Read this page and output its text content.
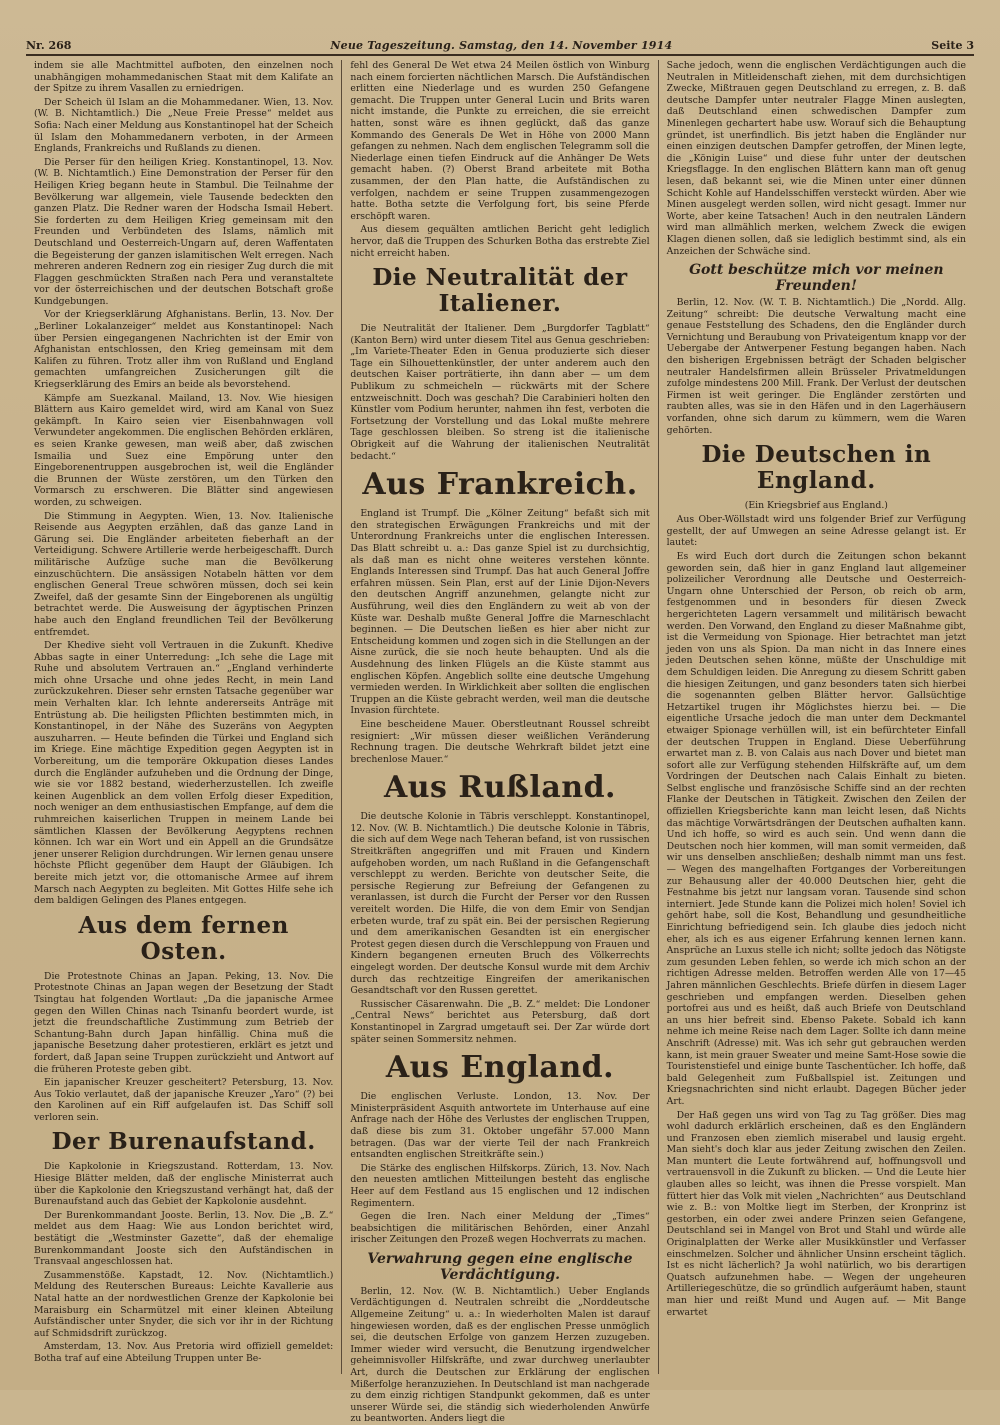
Nr. 268	Neue Tageszeitung. Samstag, den 14. November 1914	Seite 3

indem sie alle Machtmittel aufboten, den einzelnen noch unabhängigen mohammedanischen Staat mit dem Kalifate an der Spitze zu ihrem Vasallen zu erniedrigen.

Der Scheich ül Islam an die Mohammedaner. Wien, 13. Nov. (W. B. Nichtamtlich.) Die „Neue Freie Presse“ meldet aus Sofia: Nach einer Meldung aus Konstantinopel hat der Scheich ül Islam den Mohammedanern verboten, in der Armeen Englands, Frankreichs und Rußlands zu dienen.

Die Perser für den heiligen Krieg. Konstantinopel, 13. Nov. (W. B. Nichtamtlich.) Eine Demonstration der Perser für den Heiligen Krieg begann heute in Stambul. Die Teilnahme der Bevölkerung war allgemein, viele Tausende bedeckten den ganzen Platz. Die Redner waren der Hodscha Ismail Hebert. Sie forderten zu dem Heiligen Krieg gemeinsam mit den Freunden und Verbündeten des Islams, nämlich mit Deutschland und Oesterreich-Ungarn auf, deren Waffentaten die Begeisterung der ganzen islamitischen Welt erregen. Nach mehreren anderen Rednern zog ein riesiger Zug durch die mit Flaggen geschmückten Straßen nach Pera und veranstaltete vor der österreichischen und der deutschen Botschaft große Kundgebungen.

Vor der Kriegserklärung Afghanistans. Berlin, 13. Nov. Der „Berliner Lokalanzeiger“ meldet aus Konstantinopel: Nach über Persien eingegangenen Nachrichten ist der Emir von Afghanistan entschlossen, den Krieg gemeinsam mit dem Kalifen zu führen. Trotz aller ihm von Rußland und England gemachten umfangreichen Zusicherungen gilt die Kriegserklärung des Emirs an beide als bevorstehend.

Kämpfe am Suezkanal. Mailand, 13. Nov. Wie hiesigen Blättern aus Kairo gemeldet wird, wird am Kanal von Suez gekämpft. In Kairo seien vier Eisenbahnwagen voll Verwundeter angekommen. Die englischen Behörden erklären, es seien Kranke gewesen, man weiß aber, daß zwischen Ismailia und Suez eine Empörung unter den Eingeborenentruppen ausgebrochen ist, weil die Engländer die Brunnen der Wüste zerstören, um den Türken den Vormarsch zu erschweren. Die Blätter sind angewiesen worden, zu schweigen.

Die Stimmung in Aegypten. Wien, 13. Nov. Italienische Reisende aus Aegypten erzählen, daß das ganze Land in Gärung sei. Die Engländer arbeiteten fieberhaft an der Verteidigung. Schwere Artillerie werde herbeigeschafft. Durch militärische Aufzüge suche man die Bevölkerung einzuschüchtern. Die ansässigen Notabeln hätten vor dem englischen General Treue schwören müssen, doch sei kein Zweifel, daß der gesamte Sinn der Eingeborenen als ungültig betrachtet werde. Die Ausweisung der ägyptischen Prinzen habe auch den England freundlichen Teil der Bevölkerung entfremdet.

Der Khedive sieht voll Vertrauen in die Zukunft. Khedive Abbas sagte in einer Unterredung: „Ich sehe die Lage mit Ruhe und absolutem Vertrauen an.“ „England verhinderte mich ohne Ursache und ohne jedes Recht, in mein Land zurückzukehren. Dieser sehr ernsten Tatsache gegenüber war mein Verhalten klar. Ich lehnte andererseits Anträge mit Entrüstung ab. Die heiligsten Pflichten bestimmten mich, in Konstantinopel, in der Nähe des Suzeräns von Aegypten auszuharren. — Heute befinden die Türkei und England sich im Kriege. Eine mächtige Expedition gegen Aegypten ist in Vorbereitung, um die temporäre Okkupation dieses Landes durch die Engländer aufzuheben und die Ordnung der Dinge, wie sie vor 1882 bestand, wiederherzustellen. Ich zweifle keinen Augenblick an dem vollen Erfolg dieser Expedition, noch weniger an dem enthusiastischen Empfange, auf dem die ruhmreichen kaiserlichen Truppen in meinem Lande bei sämtlichen Klassen der Bevölkerung Aegyptens rechnen können. Ich war ein Wort und ein Appell an die Grundsätze jener unserer Religion durchdrungen. Wir lernen genau unsere höchste Pflicht gegenüber dem Haupt der Gläubigen. Ich bereite mich jetzt vor, die ottomanische Armee auf ihrem Marsch nach Aegypten zu begleiten. Mit Gottes Hilfe sehe ich dem baldigen Gelingen des Planes entgegen.

Aus dem fernen Osten.

Die Protestnote Chinas an Japan. Peking, 13. Nov. Die Protestnote Chinas an Japan wegen der Besetzung der Stadt Tsingtau hat folgenden Wortlaut: „Da die japanische Armee gegen den Willen Chinas nach Tsinanfu beordert wurde, ist jetzt die freundschaftliche Zustimmung zum Betrieb der Schantung-Bahn durch Japan hinfällig. China muß die japanische Besetzung daher protestieren, erklärt es jetzt und fordert, daß Japan seine Truppen zurückzieht und Antwort auf die früheren Proteste geben gibt.

Ein japanischer Kreuzer gescheitert? Petersburg, 13. Nov. Aus Tokio verlautet, daß der japanische Kreuzer „Yaro“ (?) bei den Karolinen auf ein Riff aufgelaufen ist. Das Schiff soll verloren sein.

Der Burenaufstand.

Die Kapkolonie in Kriegszustand. Rotterdam, 13. Nov. Hiesige Blätter melden, daß der englische Ministerrat auch über die Kapkolonie den Kriegszustand verhängt hat, daß der Burenaufstand auch das Gebiet der Kapkolonie ausdehnt.

Der Burenkommandant Jooste. Berlin, 13. Nov. Die „B. Z.“ meldet aus dem Haag: Wie aus London berichtet wird, bestätigt die „Westminster Gazette“, daß der ehemalige Burenkommandant Jooste sich den Aufständischen in Transvaal angeschlossen hat.

Zusammenstöße. Kapstadt, 12. Nov. (Nichtamtlich.) Meldung des Reuterschen Bureaus: Leichte Kavallerie aus Natal hatte an der nordwestlichen Grenze der Kapkolonie bei Maraisburg ein Scharmützel mit einer kleinen Abteilung Aufständischer unter Snyder, die sich vor ihr in der Richtung auf Schmidsdrift zurückzog.

Amsterdam, 13. Nov. Aus Pretoria wird offiziell gemeldet: Botha traf auf eine Abteilung Truppen unter Be-

fehl des General De Wet etwa 24 Meilen östlich von Winburg nach einem forcierten nächtlichen Marsch. Die Aufständischen erlitten eine Niederlage und es wurden 250 Gefangene gemacht. Die Truppen unter General Lucin und Brits waren nicht imstande, die Punkte zu erreichen, die sie erreicht hatten, sonst wäre es ihnen geglückt, daß das ganze Kommando des Generals De Wet in Höhe von 2000 Mann gefangen zu nehmen. Nach dem englischen Telegramm soll die Niederlage einen tiefen Eindruck auf die Anhänger De Wets gemacht haben. (?) Oberst Brand arbeitete mit Botha zusammen, der den Plan hatte, die Aufständischen zu verfolgen, nachdem er seine Truppen zusammengezogen hatte. Botha setzte die Verfolgung fort, bis seine Pferde erschöpft waren.

Aus diesem gequälten amtlichen Bericht geht lediglich hervor, daß die Truppen des Schurken Botha das erstrebte Ziel nicht erreicht haben.

Die Neutralität der Italiener.

Die Neutralität der Italiener. Dem „Burgdorfer Tagblatt“ (Kanton Bern) wird unter diesem Titel aus Genua geschrieben: „Im Variete-Theater Eden in Genua produzierte sich dieser Tage ein Silhouettenkünstler, der unter anderem auch den deutschen Kaiser porträtierte, ihn dann aber — um dem Publikum zu schmeicheln — rückwärts mit der Schere entzweischnitt. Doch was geschah? Die Carabinieri holten den Künstler vom Podium herunter, nahmen ihn fest, verboten die Fortsetzung der Vorstellung und das Lokal mußte mehrere Tage geschlossen bleiben. So streng ist die italienische Obrigkeit auf die Wahrung der italienischen Neutralität bedacht.“

Aus Frankreich.

England ist Trumpf. Die „Kölner Zeitung“ befaßt sich mit den strategischen Erwägungen Frankreichs und mit der Unterordnung Frankreichs unter die englischen Interessen. Das Blatt schreibt u. a.: Das ganze Spiel ist zu durchsichtig, als daß man es nicht ohne weiteres verstehen könnte. Englands Interessen sind Trumpf. Das hat auch General Joffre erfahren müssen. Sein Plan, erst auf der Linie Dijon-Nevers den deutschen Angriff anzunehmen, gelangte nicht zur Ausführung, weil dies den Engländern zu weit ab von der Küste war. Deshalb mußte General Joffre die Marneschlacht beginnen. — Die Deutschen ließen es hier aber nicht zur Entscheidung kommen und zogen sich in die Stellungen an der Aisne zurück, die sie noch heute behaupten. Und als die Ausdehnung des linken Flügels an die Küste stammt aus englischen Köpfen. Angeblich sollte eine deutsche Umgehung vermieden werden. In Wirklichkeit aber sollten die englischen Truppen an die Küste gebracht werden, weil man die deutsche Invasion fürchtete.

Eine bescheidene Mauer. Oberstleutnant Roussel schreibt resigniert: „Wir müssen dieser weißlichen Veränderung Rechnung tragen. Die deutsche Wehrkraft bildet jetzt eine brechenlose Mauer.“

Aus Rußland.

Die deutsche Kolonie in Täbris verschleppt. Konstantinopel, 12. Nov. (W. B. Nichtamtlich.) Die deutsche Kolonie in Täbris, die sich auf dem Wege nach Teheran befand, ist von russischen Streitkräften angegriffen und mit Frauen und Kindern aufgehoben worden, um nach Rußland in die Gefangenschaft verschleppt zu werden. Berichte von deutscher Seite, die persische Regierung zur Befreiung der Gefangenen zu veranlassen, ist durch die Furcht der Perser vor den Russen vereitelt worden. Die Hilfe, die von dem Emir von Sendjan erbeten wurde, traf zu spät ein. Bei der persischen Regierung und dem amerikanischen Gesandten ist ein energischer Protest gegen diesen durch die Verschleppung von Frauen und Kindern begangenen erneuten Bruch des Völkerrechts eingelegt worden. Der deutsche Konsul wurde mit dem Archiv durch das rechtzeitige Eingreifen der amerikanischen Gesandtschaft vor den Russen gerettet.

Russischer Cäsarenwahn. Die „B. Z.“ meldet: Die Londoner „Central News“ berichtet aus Petersburg, daß dort Konstantinopel in Zargrad umgetauft sei. Der Zar würde dort später seinen Sommersitz nehmen.

Aus England.

Die englischen Verluste. London, 13. Nov. Der Ministerpräsident Asquith antwortete im Unterhause auf eine Anfrage nach der Höhe des Verlustes der englischen Truppen, daß diese bis zum 31. Oktober ungefähr 57.000 Mann betragen. (Das war der vierte Teil der nach Frankreich entsandten englischen Streitkräfte sein.)

Die Stärke des englischen Hilfskorps. Zürich, 13. Nov. Nach den neuesten amtlichen Mitteilungen besteht das englische Heer auf dem Festland aus 15 englischen und 12 indischen Regimentern.

Gegen die Iren. Nach einer Meldung der „Times“ beabsichtigen die militärischen Behörden, einer Anzahl irischer Zeitungen den Prozeß wegen Hochverrats zu machen.

Verwahrung gegen eine englische Verdächtigung.

Berlin, 12. Nov. (W. B. Nichtamtlich.) Ueber Englands Verdächtigungen d. Neutralen schreibt die „Norddeutsche Allgemeine Zeitung“ u. a.: In wiederholten Malen ist darauf hingewiesen worden, daß es der englischen Presse unmöglich sei, die deutschen Erfolge von ganzem Herzen zuzugeben. Immer wieder wird versucht, die Benutzung irgendwelcher geheimnisvoller Hilfskräfte, und zwar durchweg unerlaubter Art, durch die Deutschen zur Erklärung der englischen Mißerfolge heranzuziehen. In Deutschland ist man nachgerade zu dem einzig richtigen Standpunkt gekommen, daß es unter unserer Würde sei, die ständig sich wiederholenden Anwürfe zu beantworten. Anders liegt die

Sache jedoch, wenn die englischen Verdächtigungen auch die Neutralen in Mitleidenschaft ziehen, mit dem durchsichtigen Zwecke, Mißtrauen gegen Deutschland zu erregen, z. B. daß deutsche Dampfer unter neutraler Flagge Minen auslegten, daß Deutschland einen schwedischen Dampfer zum Minenlegen gechartert habe usw. Worauf sich die Behauptung gründet, ist unerfindlich. Bis jetzt haben die Engländer nur einen einzigen deutschen Dampfer getroffen, der Minen legte, die „Königin Luise“ und diese fuhr unter der deutschen Kriegsflagge. In den englischen Blättern kann man oft genug lesen, daß bekannt sei, wie die Minen unter einer dünnen Schicht Kohle auf Handelsschiffen versteckt würden. Aber wie Minen ausgelegt werden sollen, wird nicht gesagt. Immer nur Worte, aber keine Tatsachen! Auch in den neutralen Ländern wird man allmählich merken, welchem Zweck die ewigen Klagen dienen sollen, daß sie lediglich bestimmt sind, als ein Anzeichen der Schwäche sind.

Gott beschütze mich vor meinen Freunden!

Berlin, 12. Nov. (W. T. B. Nichtamtlich.) Die „Nordd. Allg. Zeitung“ schreibt: Die deutsche Verwaltung macht eine genaue Feststellung des Schadens, den die Engländer durch Vernichtung und Beraubung von Privateigentum knapp vor der Uebergabe der Antwerpener Festung begangen haben. Nach den bisherigen Ergebnissen beträgt der Schaden belgischer neutraler Handelsfirmen allein Brüsseler Privatmeldungen zufolge mindestens 200 Mill. Frank. Der Verlust der deutschen Firmen ist weit geringer. Die Engländer zerstörten und raubten alles, was sie in den Häfen und in den Lagerhäusern vorfanden, ohne sich darum zu kümmern, wem die Waren gehörten.

Die Deutschen in England.
(Ein Kriegsbrief aus England.)

Aus Ober-Wöllstadt wird uns folgender Brief zur Verfügung gestellt, der auf Umwegen an seine Adresse gelangt ist. Er lautet:

Es wird Euch dort durch die Zeitungen schon bekannt geworden sein, daß hier in ganz England laut allgemeiner polizeilicher Verordnung alle Deutsche und Oesterreich-Ungarn ohne Unterschied der Person, ob reich ob arm, festgenommen und in besonders für diesen Zweck hergerichteten Lagern versammelt und militärisch bewacht werden. Den Vorwand, den England zu dieser Maßnahme gibt, ist die Vermeidung von Spionage. Hier betrachtet man jetzt jeden von uns als Spion. Da man nicht in das Innere eines jeden Deutschen sehen könne, müßte der Unschuldige mit dem Schuldigen leiden. Die Anregung zu diesem Schritt gaben die hiesigen Zeitungen, und ganz besonders taten sich hierbei die sogenannten gelben Blätter hervor. Gallsüchtige Hetzartikel trugen ihr Möglichstes hierzu bei. — Die eigentliche Ursache jedoch die man unter dem Deckmantel etwaiger Spionage verhüllen will, ist ein befürchteter Einfall der deutschen Truppen in England. Diese Ueberführung erwartet man z. B. von Calais aus nach Dover und bietet man sofort alle zur Verfügung stehenden Hilfskräfte auf, um dem Vordringen der Deutschen nach Calais Einhalt zu bieten. Selbst englische und französische Schiffe sind an der rechten Flanke der Deutschen in Tätigkeit. Zwischen den Zeilen der offiziellen Kriegsberichte kann man leicht lesen, daß Nichts das mächtige Vorwärtsdrängen der Deutschen aufhalten kann. Und ich hoffe, so wird es auch sein. Und wenn dann die Deutschen noch hier kommen, will man somit vermeiden, daß wir uns denselben anschließen; deshalb nimmt man uns fest. — Wegen des mangelhaften Fortganges der Vorbereitungen zur Behausung aller der 40.000 Deutschen hier, geht die Festnahme bis jetzt nur langsam voran. Tausende sind schon interniert. Jede Stunde kann die Polizei mich holen! Soviel ich gehört habe, soll die Kost, Behandlung und gesundheitliche Einrichtung befriedigend sein. Ich glaube dies jedoch nicht eher, als ich es aus eigener Erfahrung kennen lernen kann. Ansprüche an Luxus stelle ich nicht; sollte jedoch das Nötigste zum gesunden Leben fehlen, so werde ich mich schon an der richtigen Adresse melden. Betroffen werden Alle von 17—45 Jahren männlichen Geschlechts. Briefe dürfen in diesem Lager geschrieben und empfangen werden. Dieselben gehen portofrei aus und es heißt, daß auch Briefe von Deutschland an uns hier befreit sind. Ebenso Pakete. Sobald ich kann nehme ich meine Reise nach dem Lager. Sollte ich dann meine Anschrift (Adresse) mit. Was ich sehr gut gebrauchen werden kann, ist mein grauer Sweater und meine Samt-Hose sowie die Touristenstiefel und einige bunte Taschentücher. Ich hoffe, daß bald Gelegenheit zum Fußballspiel ist. Zeitungen und Kriegsnachrichten sind nicht erlaubt. Dagegen Bücher jeder Art.

Der Haß gegen uns wird von Tag zu Tag größer. Dies mag wohl dadurch erklärlich erscheinen, daß es den Engländern und Franzosen eben ziemlich miserabel und lausig ergeht. Man sieht's doch klar aus jeder Zeitung zwischen den Zeilen. Man muntert die Leute fortwährend auf, hoffnungsvoll und vertrauensvoll in die Zukunft zu blicken. — Und die Leute hier glauben alles so leicht, was ihnen die Presse vorspielt. Man füttert hier das Volk mit vielen „Nachrichten“ aus Deutschland wie z. B.: von Moltke liegt im Sterben, der Kronprinz ist gestorben, ein oder zwei andere Prinzen seien Gefangene, Deutschland sei in Mangel von Brot und Stahl und würde alle Originalplatten der Werke aller Musikkünstler und Verfasser einschmelzen. Solcher und ähnlicher Unsinn erscheint täglich. Ist es nicht lächerlich? Ja wohl natürlich, wo bis derartigen Quatsch aufzunehmen habe. — Wegen der ungeheuren Artilleriegeschütze, die so gründlich aufgeräumt haben, staunt man hier und reißt Mund und Augen auf. — Mit Bange erwartet
